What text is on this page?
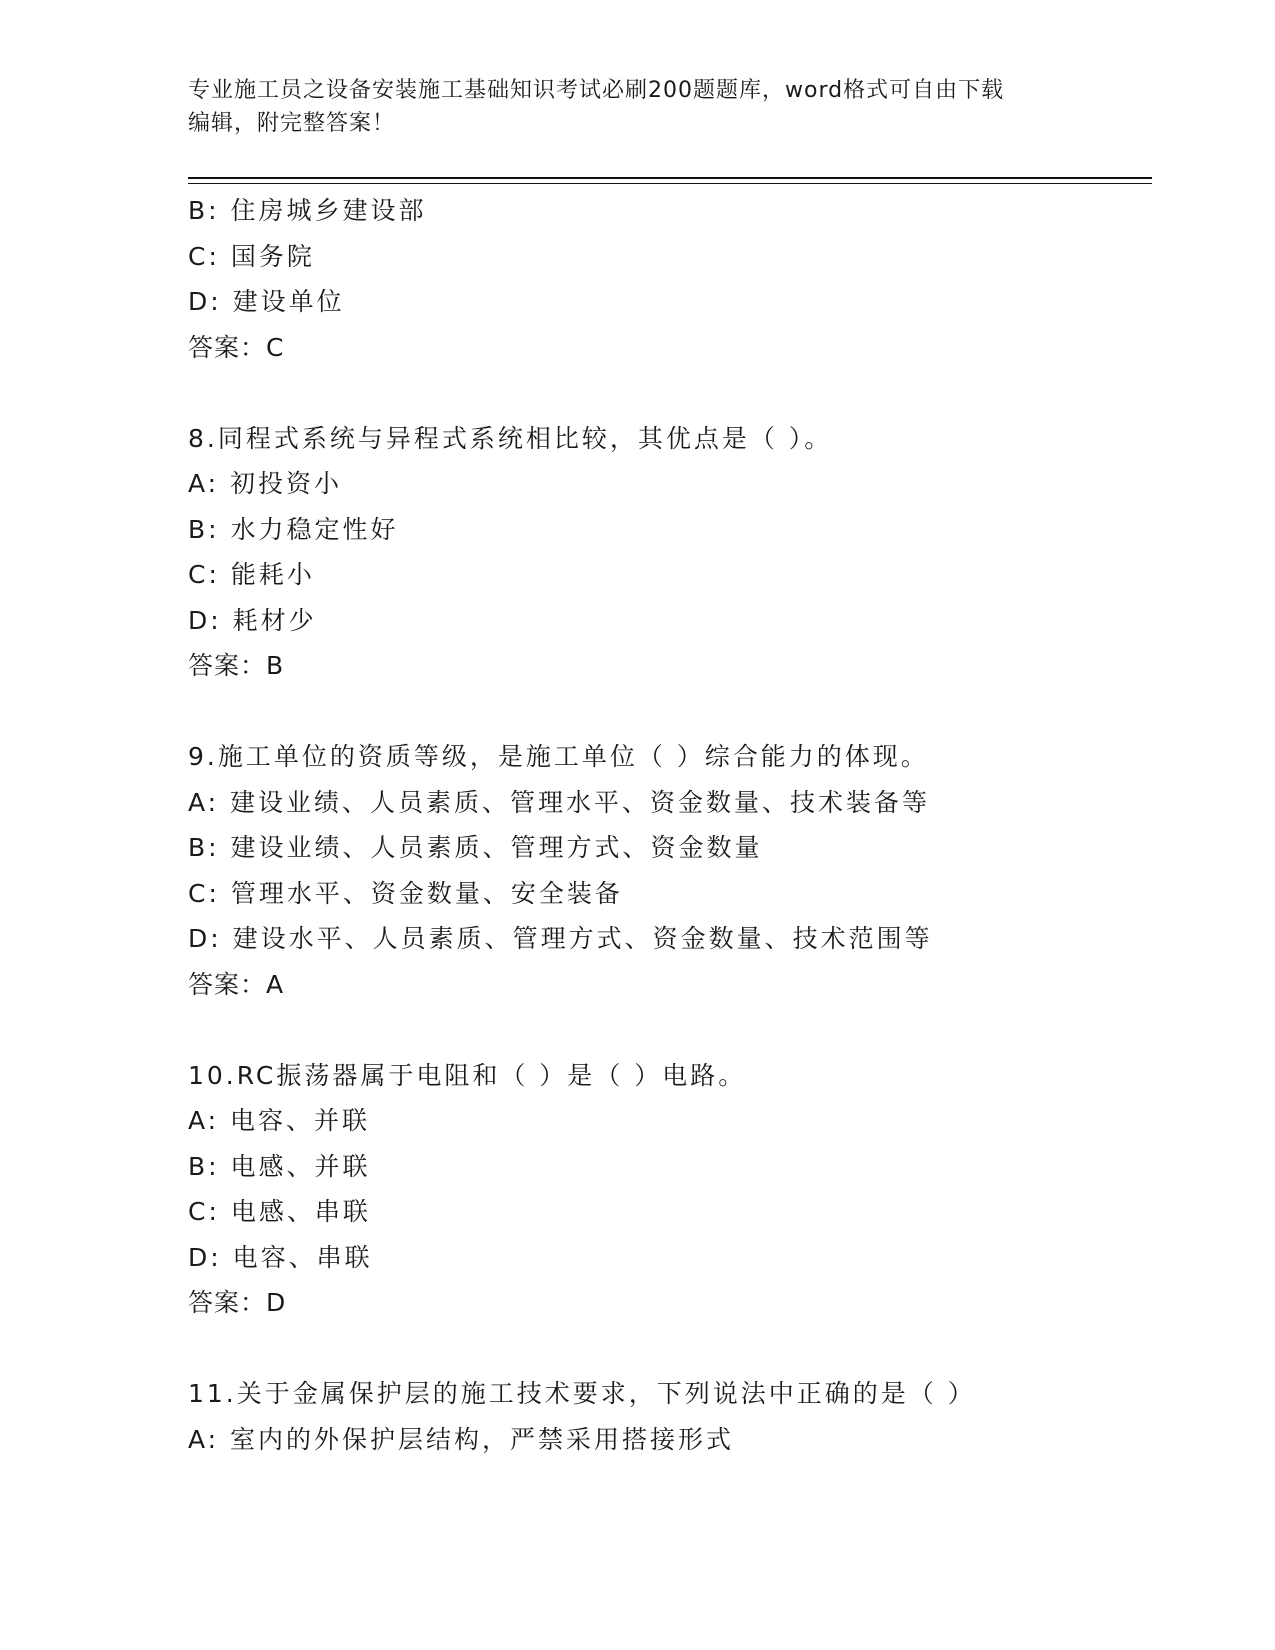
专业施工员之设备安装施工基础知识考试必刷200题题库，word格式可自由下载
编辑，附完整答案！
B: 住房城乡建设部
C: 国务院
D: 建设单位
答案：C
8.同程式系统与异程式系统相比较，其优点是（ ）。
A: 初投资小
B: 水力稳定性好
C: 能耗小
D: 耗材少
答案：B
9.施工单位的资质等级，是施工单位（ ）综合能力的体现。
A: 建设业绩、人员素质、管理水平、资金数量、技术装备等
B: 建设业绩、人员素质、管理方式、资金数量
C: 管理水平、资金数量、安全装备
D: 建设水平、人员素质、管理方式、资金数量、技术范围等
答案：A
10.RC振荡器属于电阻和（ ）是（ ）电路。
A: 电容、并联
B: 电感、并联
C: 电感、串联
D: 电容、串联
答案：D
11.关于金属保护层的施工技术要求，下列说法中正确的是（ ）
A: 室内的外保护层结构，严禁采用搭接形式
